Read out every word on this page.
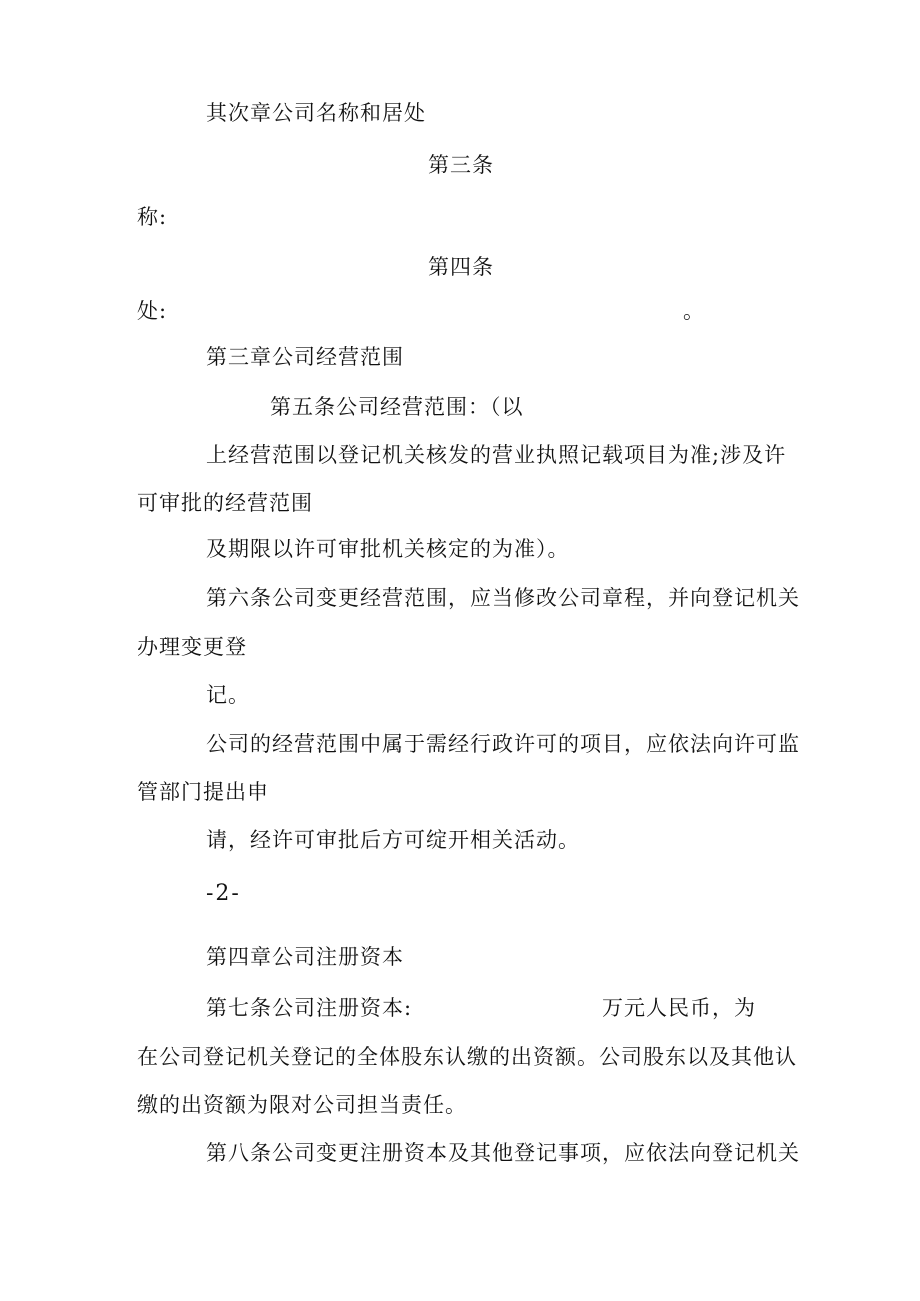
其次章公司名称和居处
第三条
称:
第四条
处:	。
第三章公司经营范围
第五条公司经营范围：（以
上经营范围以登记机关核发的营业执照记载项目为准;涉及许
可审批的经营范围
及期限以许可审批机关核定的为准）。
第六条公司变更经营范围，应当修改公司章程，并向登记机关
办理变更登
记。
公司的经营范围中属于需经行政许可的项目，应依法向许可监
管部门提出申
请，经许可审批后方可绽开相关活动。
-2-
第四章公司注册资本
第七条公司注册资本:	万元人民币，为
在公司登记机关登记的全体股东认缴的出资额。公司股东以及其他认
缴的出资额为限对公司担当责任。
第八条公司变更注册资本及其他登记事项，应依法向登记机关
